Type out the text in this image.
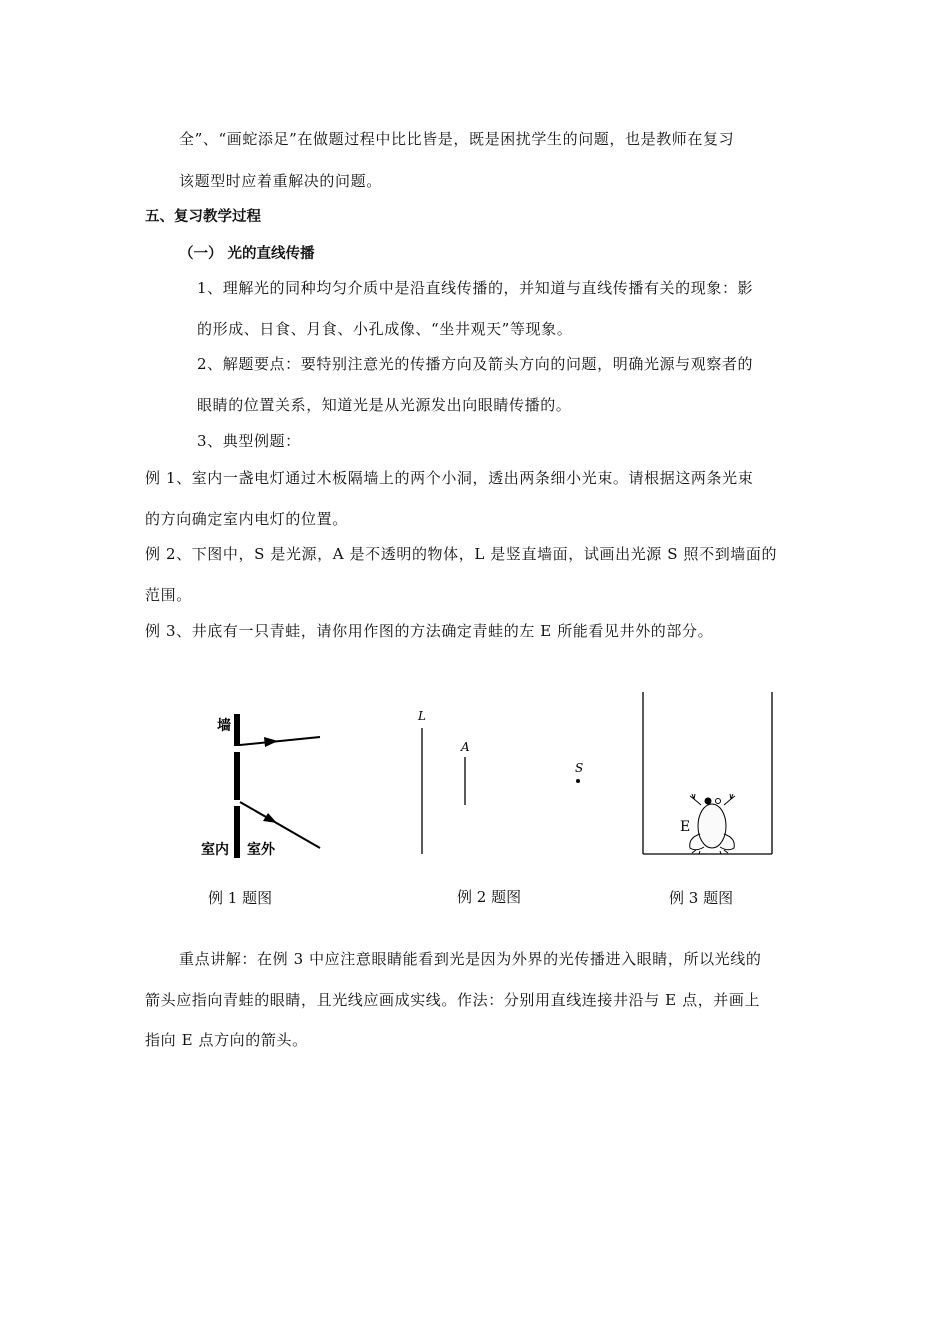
全”、“画蛇添足”在做题过程中比比皆是，既是困扰学生的问题，也是教师在复习
该题型时应着重解决的问题。
五、复习教学过程
（一） 光的直线传播
1、理解光的同种均匀介质中是沿直线传播的，并知道与直线传播有关的现象：影
的形成、日食、月食、小孔成像、“坐井观天”等现象。
2、解题要点：要特别注意光的传播方向及箭头方向的问题，明确光源与观察者的
眼睛的位置关系，知道光是从光源发出向眼睛传播的。
3、典型例题：
例 1、室内一盏电灯通过木板隔墙上的两个小洞，透出两条细小光束。请根据这两条光束
的方向确定室内电灯的位置。
例 2、下图中，S 是光源，A 是不透明的物体，L 是竖直墙面，试画出光源 S 照不到墙面的
范围。
例 3、井底有一只青蛙，请你用作图的方法确定青蛙的左 E 所能看见井外的部分。
墙
室内 室外
例 1 题图
L
A
S
例 2 题图
E
例 3 题图
重点讲解：在例 3 中应注意眼睛能看到光是因为外界的光传播进入眼睛，所以光线的
箭头应指向青蛙的眼睛，且光线应画成实线。作法：分别用直线连接井沿与 E 点，并画上
指向 E 点方向的箭头。
